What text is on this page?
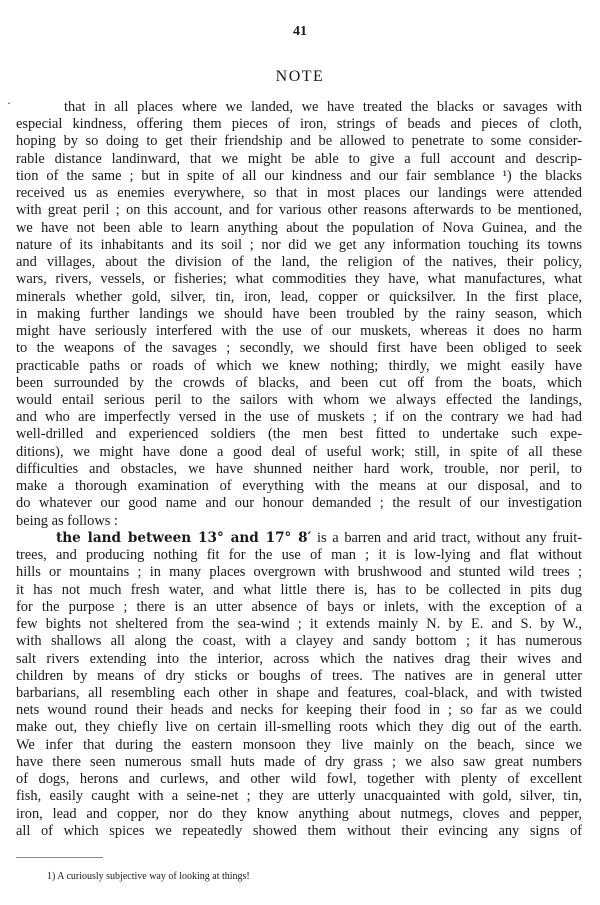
41
NOTE
·	that in all places where we landed, we have treated the blacks or savages with
especial kindness, offering them pieces of iron, strings of beads and pieces of cloth,
hoping by so doing to get their friendship and be allowed to penetrate to some consider-
rable distance landinward, that we might be able to give a full account and descrip-
tion of the same ; but in spite of all our kindness and our fair semblance ¹) the blacks
received us as enemies everywhere, so that in most places our landings were attended
with great peril ; on this account, and for various other reasons afterwards to be mentioned,
we have not been able to learn anything about the population of Nova Guinea, and the
nature of its inhabitants and its soil ; nor did we get any information touching its towns
and villages, about the division of the land, the religion of the natives, their policy,
wars, rivers, vessels, or fisheries; what commodities they have, what manufactures, what
minerals whether gold, silver, tin, iron, lead, copper or quicksilver. In the first place,
in making further landings we should have been troubled by the rainy season, which
might have seriously interfered with the use of our muskets, whereas it does no harm
to the weapons of the savages ; secondly, we should first have been obliged to seek
practicable paths or roads of which we knew nothing; thirdly, we might easily have
been surrounded by the crowds of blacks, and been cut off from the boats, which
would entail serious peril to the sailors with whom we always effected the landings,
and who are imperfectly versed in the use of muskets ; if on the contrary we had had
well-drilled and experienced soldiers (the men best fitted to undertake such expe-
ditions), we might have done a good deal of useful work; still, in spite of all these
difficulties and obstacles, we have shunned neither hard work, trouble, nor peril, to
make a thorough examination of everything with the means at our disposal, and to
do whatever our good name and our honour demanded ; the result of our investigation
being as follows :
the land between 13° and 17° 8′ is a barren and arid tract, without any fruit-
trees, and producing nothing fit for the use of man ; it is low-lying and flat without
hills or mountains ; in many places overgrown with brushwood and stunted wild trees ;
it has not much fresh water, and what little there is, has to be collected in pits dug
for the purpose ; there is an utter absence of bays or inlets, with the exception of a
few bights not sheltered from the sea-wind ; it extends mainly N. by E. and S. by W.,
with shallows all along the coast, with a clayey and sandy bottom ; it has numerous
salt rivers extending into the interior, across which the natives drag their wives and
children by means of dry sticks or boughs of trees. The natives are in general utter
barbarians, all resembling each other in shape and features, coal-black, and with twisted
nets wound round their heads and necks for keeping their food in ; so far as we could
make out, they chiefly live on certain ill-smelling roots which they dig out of the earth.
We infer that during the eastern monsoon they live mainly on the beach, since we
have there seen numerous small huts made of dry grass ; we also saw great numbers
of dogs, herons and curlews, and other wild fowl, together with plenty of excellent
fish, easily caught with a seine-net ; they are utterly unacquainted with gold, silver, tin,
iron, lead and copper, nor do they know anything about nutmegs, cloves and pepper,
all of which spices we repeatedly showed them without their evincing any signs of
1) A curiously subjective way of looking at things!
